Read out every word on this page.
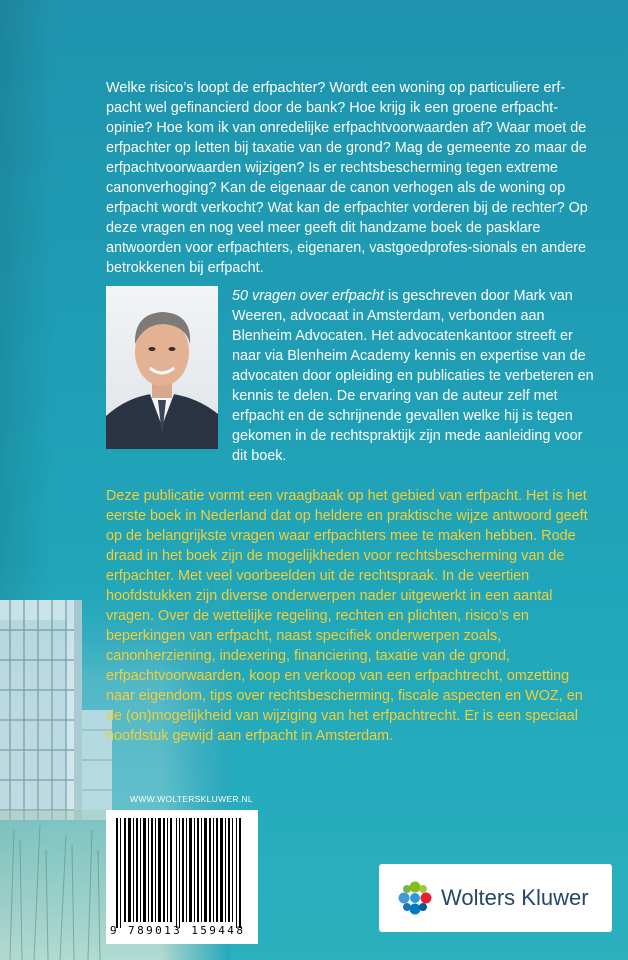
Welke risico’s loopt de erfpachter? Wordt een woning op particuliere erf-pacht wel gefinancierd door de bank? Hoe krijg ik een groene erfpacht-opinie? Hoe kom ik van onredelijke erfpachtvoorwaarden af? Waar moet de erfpachter op letten bij taxatie van de grond? Mag de gemeente zo maar de erfpachtvoorwaarden wijzigen? Is er rechtsbescherming tegen extreme canonverhoging? Kan de eigenaar de canon verhogen als de woning op erfpacht wordt verkocht? Wat kan de erfpachter vorderen bij de rechter? Op deze vragen en nog veel meer geeft dit handzame boek de pasklare antwoorden voor erfpachters, eigenaren, vastgoedprofes-sionals en andere betrokkenen bij erfpacht.

50 vragen over erfpacht is geschreven door Mark van Weeren, advocaat in Amsterdam, verbonden aan Blenheim Advocaten. Het advocatenkantoor streeft er naar via Blenheim Academy kennis en expertise van de advocaten door opleiding en publicaties te verbeteren en kennis te delen. De ervaring van de auteur zelf met erfpacht en de schrijnende gevallen welke hij is tegen gekomen in de rechtspraktijk zijn mede aanleiding voor dit boek.

Deze publicatie vormt een vraagbaak op het gebied van erfpacht. Het is het eerste boek in Nederland dat op heldere en praktische wijze antwoord geeft op de belangrijkste vragen waar erfpachters mee te maken hebben. Rode draad in het boek zijn de mogelijkheden voor rechtsbescherming van de erfpachter. Met veel voorbeelden uit de rechtspraak. In de veertien hoofdstukken zijn diverse onderwerpen nader uitgewerkt in een aantal vragen. Over de wettelijke regeling, rechten en plichten, risico’s en beperkingen van erfpacht, naast specifiek onderwerpen zoals, canonherziening, indexering, financiering, taxatie van de grond, erfpachtvoorwaarden, koop en verkoop van een erfpachtrecht, omzetting naar eigendom, tips over rechtsbescherming, fiscale aspecten en WOZ, en de (on)mogelijkheid van wijziging van het erfpachtrecht. Er is een speciaal hoofdstuk gewijd aan erfpacht in Amsterdam.

WWW.WOLTERSKLUWER.NL
9 789013 159448
Wolters Kluwer
